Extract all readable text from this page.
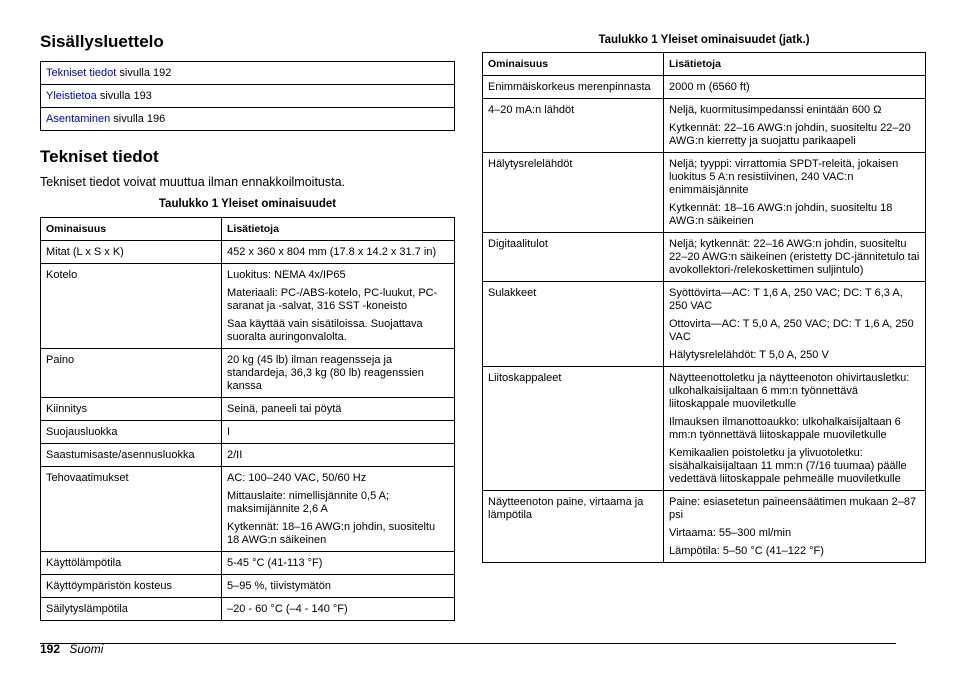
Sisällysluettelo
Tekniset tiedot sivulla 192
Yleistietoa sivulla 193
Asentaminen sivulla 196
Tekniset tiedot

Tekniset tiedot voivat muuttua ilman ennakkoilmoitusta.

Taulukko 1 Yleiset ominaisuudet

Ominaisuus	Lisätietoja
Mitat (L x S x K)	452 x 360 x 804 mm (17.8 x 14.2 x 31.7 in)

Kotelo	Luokitus: NEMA 4x/IP65

Materiaali: PC-/ABS-kotelo, PC-luukut, PC-saranat ja -salvat, 316 SST -koneisto

Saa käyttää vain sisätiloissa. Suojattava suoralta auringonvalolta.

Paino	20 kg (45 lb) ilman reagensseja ja standardeja, 36,3 kg (80 lb) reagenssien kanssa

Kiinnitys	Seinä, paneeli tai pöytä

Suojausluokka	I

Saastumisaste/asennusluokka	2/II

Tehovaatimukset	AC: 100–240 VAC, 50/60 Hz

Mittauslaite: nimellisjännite 0,5 A; maksimijännite 2,6 A

Kytkennät: 18–16 AWG:n johdin, suositeltu 18 AWG:n säikeinen

Käyttölämpötila	5-45 °C (41-113 °F)

Käyttöympäristön kosteus	5–95 %, tiivistymätön

Säilytyslämpötila	–20 - 60 °C (–4 - 140 °F)

Taulukko 1 Yleiset ominaisuudet (jatk.)

Ominaisuus	Lisätietoja
Enimmäiskorkeus merenpinnasta	2000 m (6560 ft)

4–20 mA:n lähdöt	Neljä, kuormitusimpedanssi enintään 600 Ω

Kytkennät: 22–16 AWG:n johdin, suositeltu 22–20 AWG:n kierretty ja suojattu parikaapeli

Hälytysrelelähdöt	Neljä; tyyppi: virrattomia SPDT-releitä, jokaisen luokitus 5 A:n resistiivinen, 240 VAC:n enimmäisjännite

Kytkennät: 18–16 AWG:n johdin, suositeltu 18 AWG:n säikeinen

Digitaalitulot	Neljä; kytkennät: 22–16 AWG:n johdin, suositeltu 22–20 AWG:n säikeinen (eristetty DC-jännitetulo tai avokollektori-/relekoskettimen suljintulo)

Sulakkeet	Syöttövirta—AC: T 1,6 A, 250 VAC; DC: T 6,3 A, 250 VAC

Ottovirta—AC: T 5,0 A, 250 VAC; DC: T 1,6 A, 250 VAC

Hälytysrelelähdöt: T 5,0 A, 250 V

Liitoskappaleet	Näytteenottoletku ja näytteenoton ohivirtausletku: ulkohalkaisijaltaan 6 mm:n työnnettävä liitoskappale muoviletkulle

Ilmauksen ilmanottoaukko: ulkohalkaisijaltaan 6 mm:n työnnettävä liitoskappale muoviletkulle

Kemikaalien poistoletku ja ylivuotoletku: sisähalkaisijaltaan 11 mm:n (7/16 tuumaa) päälle vedettävä liitoskappale pehmeälle muoviletkulle

Näytteenoton paine, virtaama ja lämpötila	Paine: esiasetetun paineensäätimen mukaan 2–87 psi

Virtaama: 55–300 ml/min

Lämpötila: 5–50 °C (41–122 °F)

192 Suomi
